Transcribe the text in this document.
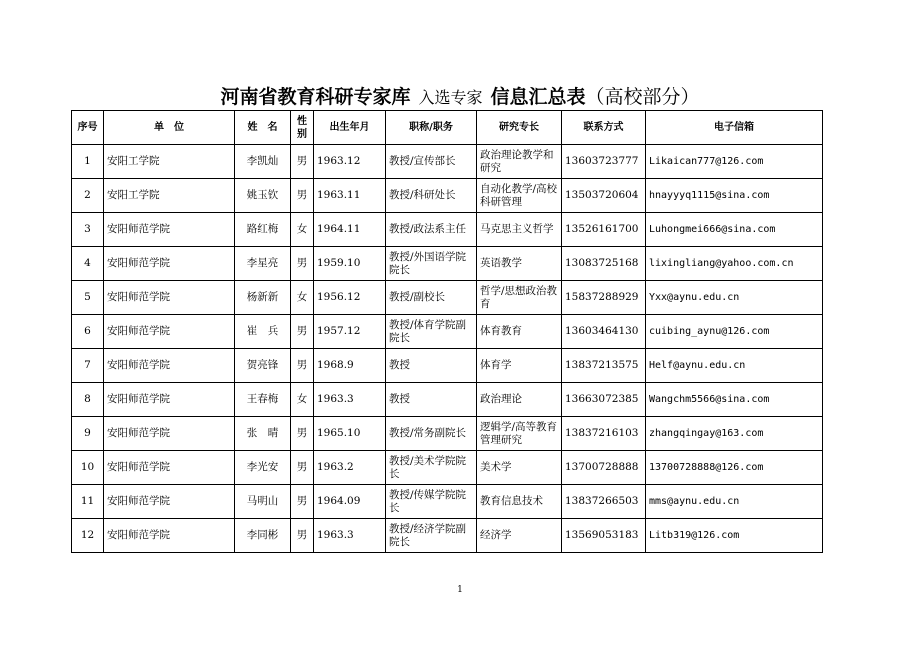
河南省教育科研专家库 入选专家 信息汇总表（高校部分）
序号	单　位	姓　名	性别	出生年月	职称/职务	研究专长	联系方式	电子信箱
1	安阳工学院	李凯灿	男	1963.12	教授/宣传部长	政治理论教学和研究	13603723777	Likaican777@126.com
2	安阳工学院	姚玉钦	男	1963.11	教授/科研处长	自动化教学/高校科研管理	13503720604	hnayyyq1115@sina.com
3	安阳师范学院	路红梅	女	1964.11	教授/政法系主任	马克思主义哲学	13526161700	Luhongmei666@sina.com
4	安阳师范学院	李星亮	男	1959.10	教授/外国语学院院长	英语教学	13083725168	lixingliang@yahoo.com.cn
5	安阳师范学院	杨新新	女	1956.12	教授/副校长	哲学/思想政治教育	15837288929	Yxx@aynu.edu.cn
6	安阳师范学院	崔　兵	男	1957.12	教授/体育学院副院长	体育教育	13603464130	cuibing_aynu@126.com
7	安阳师范学院	贺亮锋	男	1968.9	教授	体育学	13837213575	Helf@aynu.edu.cn
8	安阳师范学院	王春梅	女	1963.3	教授	政治理论	13663072385	Wangchm5566@sina.com
9	安阳师范学院	张　晴	男	1965.10	教授/常务副院长	逻辑学/高等教育管理研究	13837216103	zhangqingay@163.com
10	安阳师范学院	李光安	男	1963.2	教授/美术学院院长	美术学	13700728888	13700728888@126.com
11	安阳师范学院	马明山	男	1964.09	教授/传媒学院院长	教育信息技术	13837266503	mms@aynu.edu.cn
12	安阳师范学院	李同彬	男	1963.3	教授/经济学院副院长	经济学	13569053183	Litb319@126.com
1
